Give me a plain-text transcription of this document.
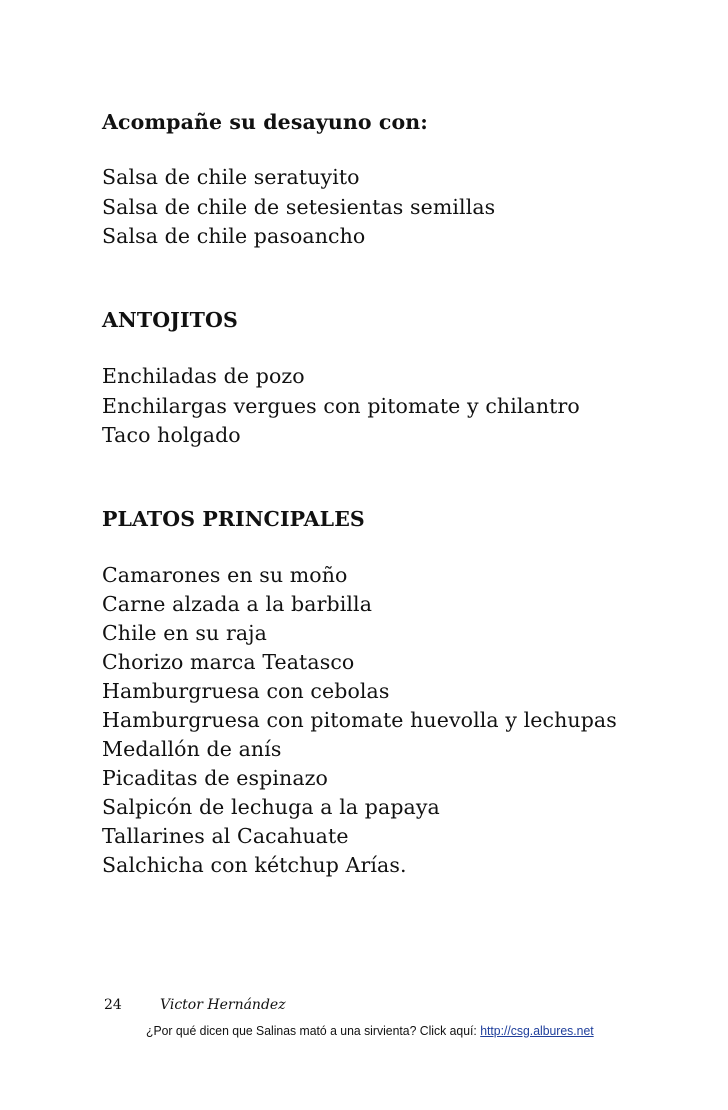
Acompañe su desayuno con:
Salsa de chile seratuyito
Salsa de chile de setesientas semillas
Salsa de chile pasoancho
ANTOJITOS
Enchiladas de pozo
Enchilargas vergues con pitomate y chilantro
Taco holgado
PLATOS PRINCIPALES
Camarones en su moño
Carne alzada a la barbilla
Chile en su raja
Chorizo marca Teatasco
Hamburgruesa con cebolas
Hamburgruesa con pitomate huevolla y lechupas
Medallón de anís
Picaditas de espinazo
Salpicón de lechuga a la papaya
Tallarines al Cacahuate
Salchicha con kétchup Arías.
24	Victor Hernández
¿Por qué dicen que Salinas mató a una sirvienta? Click aquí: http://csg.albures.net
